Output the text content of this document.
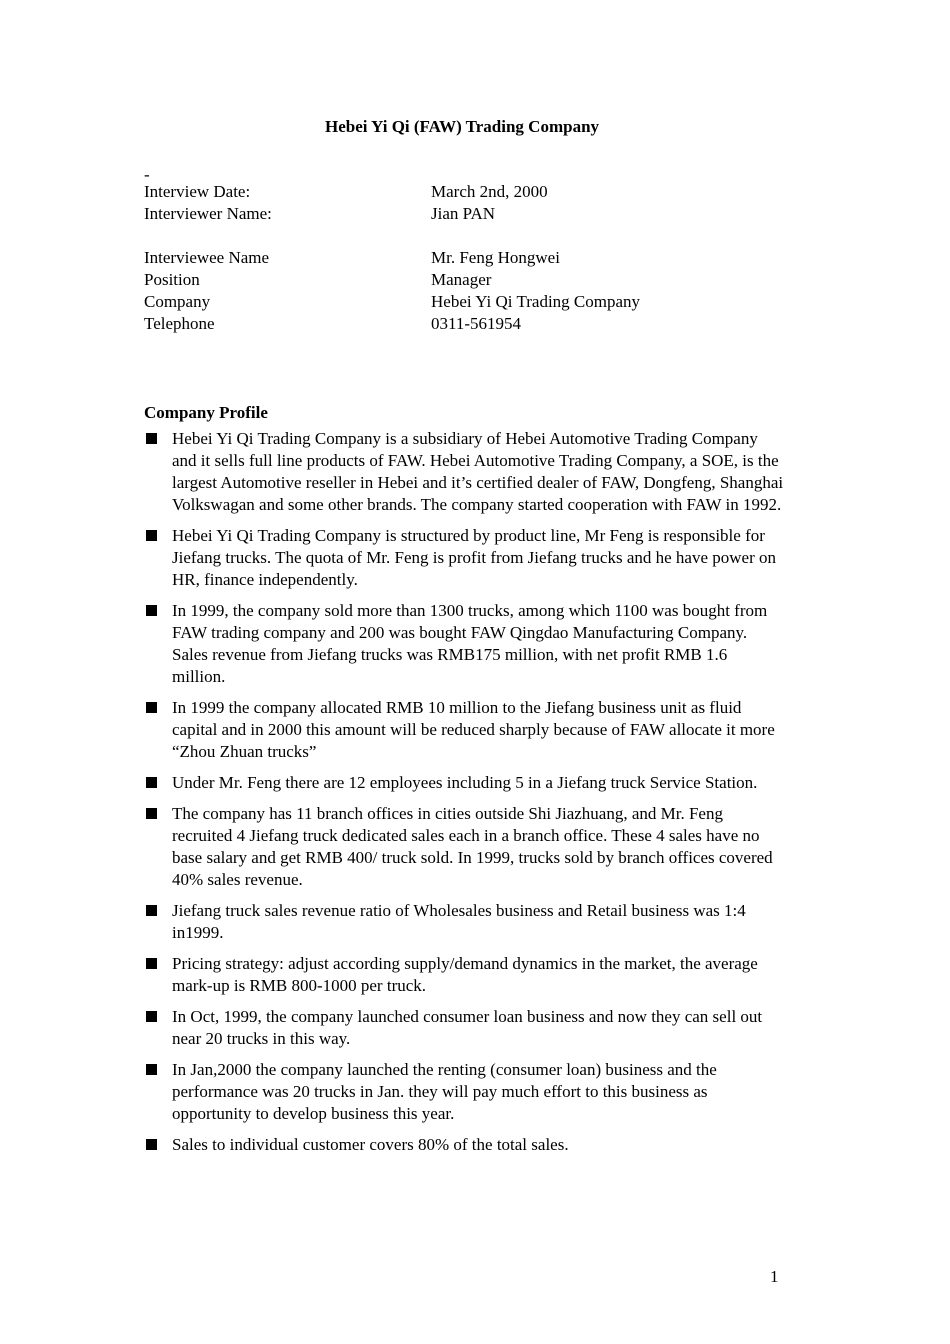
Hebei Yi Qi (FAW) Trading Company
-
Interview Date:	March 2nd, 2000
Interviewer Name:	Jian PAN
Interviewee Name	Mr. Feng Hongwei
Position	Manager
Company	Hebei Yi Qi Trading Company
Telephone	0311-561954
Company Profile
Hebei Yi Qi Trading Company is a subsidiary of Hebei Automotive Trading Company and it sells full line products of FAW. Hebei Automotive Trading Company, a SOE, is the largest Automotive reseller in Hebei and it’s certified dealer of FAW, Dongfeng, Shanghai Volkswagan and some other brands. The company started cooperation with FAW in 1992.
Hebei Yi Qi Trading Company is structured by product line, Mr Feng is responsible for Jiefang trucks. The quota of Mr. Feng is profit from Jiefang trucks and he have power on HR, finance independently.
In 1999, the company sold more than 1300 trucks, among which 1100 was bought from FAW trading company and 200 was bought FAW Qingdao Manufacturing Company. Sales revenue from Jiefang trucks was RMB175 million, with net profit RMB 1.6 million.
In 1999 the company allocated RMB 10 million to the Jiefang business unit as fluid capital and in 2000 this amount will be reduced sharply because of FAW allocate it more “Zhou Zhuan trucks”
Under Mr. Feng there are 12 employees including 5 in a Jiefang truck Service Station.
The company has 11 branch offices in cities outside Shi Jiazhuang, and Mr. Feng recruited 4 Jiefang truck dedicated sales each in a branch office. These 4 sales have no base salary and get RMB 400/ truck sold. In 1999, trucks sold by branch offices covered 40% sales revenue.
Jiefang truck sales revenue ratio of Wholesales business and Retail business was 1:4 in1999.
Pricing strategy: adjust according supply/demand dynamics in the market, the average mark-up is RMB 800-1000 per truck.
In Oct, 1999, the company launched consumer loan business and now they can sell out near 20 trucks in this way.
In Jan,2000 the company launched the renting (consumer loan) business and the performance was 20 trucks in Jan. they will pay much effort to this business as opportunity to develop business this year.
Sales to individual customer covers 80% of the total sales.
1
